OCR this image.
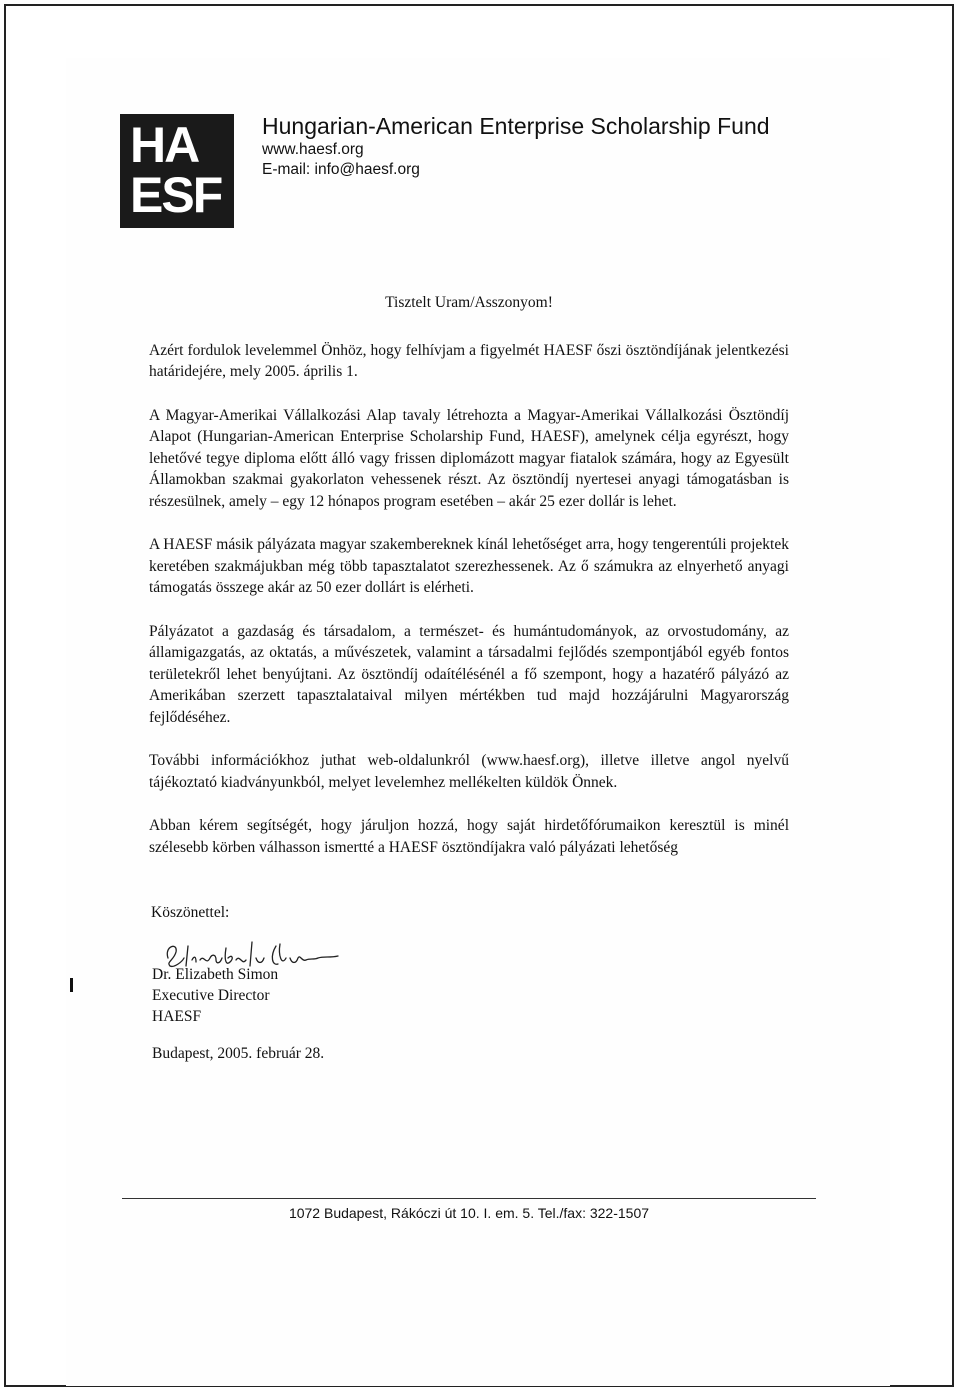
HA
ESF
Hungarian-American Enterprise Scholarship Fund
www.haesf.org
E-mail: info@haesf.org
Tisztelt Uram/Asszonyom!

Azért fordulok levelemmel Önhöz, hogy felhívjam a figyelmét HAESF őszi ösztöndíjának jelentkezési határidejére, mely 2005. április 1.

A Magyar-Amerikai Vállalkozási Alap tavaly létrehozta a Magyar-Amerikai Vállalkozási Ösztöndíj Alapot (Hungarian-American Enterprise Scholarship Fund, HAESF), amelynek célja egyrészt, hogy lehetővé tegye diploma előtt álló vagy frissen diplomázott magyar fiatalok számára, hogy az Egyesült Államokban szakmai gyakorlaton vehessenek részt. Az ösztöndíj nyertesei anyagi támogatásban is részesülnek, amely – egy 12 hónapos program esetében – akár 25 ezer dollár is lehet.

A HAESF másik pályázata magyar szakembereknek kínál lehetőséget arra, hogy tengerentúli projektek keretében szakmájukban még több tapasztalatot szerezhessenek. Az ő számukra az elnyerhető anyagi támogatás összege akár az 50 ezer dollárt is elérheti.

Pályázatot a gazdaság és társadalom, a természet- és humántudományok, az orvostudomány, az államigazgatás, az oktatás, a művészetek, valamint a társadalmi fejlődés szempontjából egyéb fontos területekről lehet benyújtani. Az ösztöndíj odaítélésénél a fő szempont, hogy a hazatérő pályázó az Amerikában szerzett tapasztalataival milyen mértékben tud majd hozzájárulni Magyarország fejlődéséhez.

További információkhoz juthat web-oldalunkról (www.haesf.org), illetve illetve angol nyelvű tájékoztató kiadványunkból, melyet levelemhez mellékelten küldök Önnek.

Abban kérem segítségét, hogy járuljon hozzá, hogy saját hirdetőfórumaikon keresztül is minél szélesebb körben válhasson ismertté a HAESF ösztöndíjakra való pályázati lehetőség

Köszönettel:
Dr. Elizabeth Simon
Executive Director
HAESF
Budapest, 2005. február 28.
1072 Budapest, Rákóczi út 10. I. em. 5. Tel./fax: 322-1507
